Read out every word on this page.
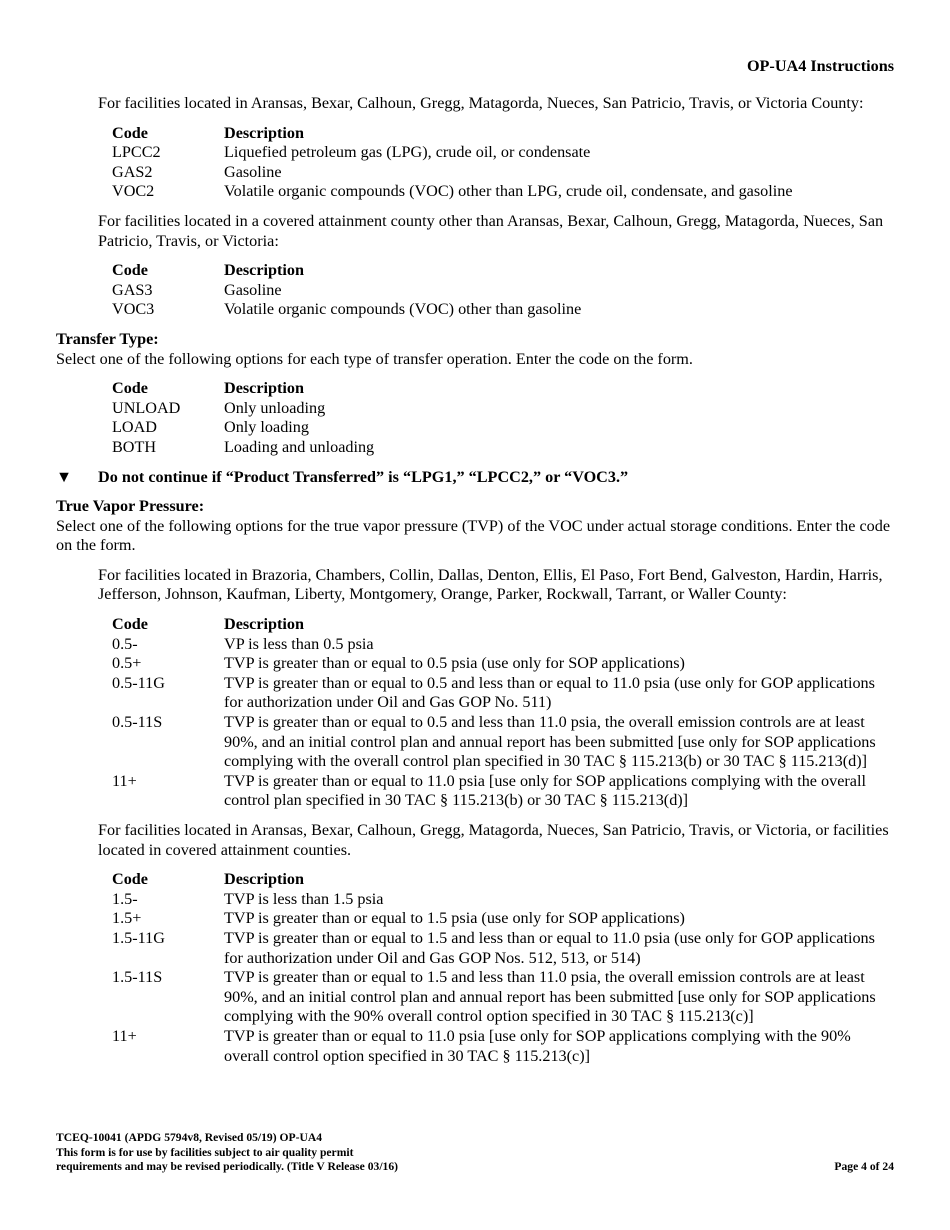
OP-UA4 Instructions
For facilities located in Aransas, Bexar, Calhoun, Gregg, Matagorda, Nueces, San Patricio, Travis, or Victoria County:
Code	Description
LPCC2	Liquefied petroleum gas (LPG), crude oil, or condensate
GAS2	Gasoline
VOC2	Volatile organic compounds (VOC) other than LPG, crude oil, condensate, and gasoline
For facilities located in a covered attainment county other than Aransas, Bexar, Calhoun, Gregg, Matagorda, Nueces, San Patricio, Travis, or Victoria:
Code	Description
GAS3	Gasoline
VOC3	Volatile organic compounds (VOC) other than gasoline
Transfer Type:
Select one of the following options for each type of transfer operation. Enter the code on the form.
Code	Description
UNLOAD	Only unloading
LOAD	Only loading
BOTH	Loading and unloading
▼	Do not continue if “Product Transferred” is “LPG1,” “LPCC2,” or “VOC3.”
True Vapor Pressure:
Select one of the following options for the true vapor pressure (TVP) of the VOC under actual storage conditions. Enter the code on the form.
For facilities located in Brazoria, Chambers, Collin, Dallas, Denton, Ellis, El Paso, Fort Bend, Galveston, Hardin, Harris, Jefferson, Johnson, Kaufman, Liberty, Montgomery, Orange, Parker, Rockwall, Tarrant, or Waller County:
Code	Description
0.5-	VP is less than 0.5 psia
0.5+	TVP is greater than or equal to 0.5 psia (use only for SOP applications)
0.5-11G	TVP is greater than or equal to 0.5 and less than or equal to 11.0 psia (use only for GOP applications for authorization under Oil and Gas GOP No. 511)
0.5-11S	TVP is greater than or equal to 0.5 and less than 11.0 psia, the overall emission controls are at least 90%, and an initial control plan and annual report has been submitted [use only for SOP applications complying with the overall control plan specified in 30 TAC § 115.213(b) or 30 TAC § 115.213(d)]
11+	TVP is greater than or equal to 11.0 psia [use only for SOP applications complying with the overall control plan specified in 30 TAC § 115.213(b) or 30 TAC § 115.213(d)]
For facilities located in Aransas, Bexar, Calhoun, Gregg, Matagorda, Nueces, San Patricio, Travis, or Victoria, or facilities located in covered attainment counties.
Code	Description
1.5-	TVP is less than 1.5 psia
1.5+	TVP is greater than or equal to 1.5 psia (use only for SOP applications)
1.5-11G	TVP is greater than or equal to 1.5 and less than or equal to 11.0 psia (use only for GOP applications for authorization under Oil and Gas GOP Nos. 512, 513, or 514)
1.5-11S	TVP is greater than or equal to 1.5 and less than 11.0 psia, the overall emission controls are at least 90%, and an initial control plan and annual report has been submitted [use only for SOP applications complying with the 90% overall control option specified in 30 TAC § 115.213(c)]
11+	TVP is greater than or equal to 11.0 psia [use only for SOP applications complying with the 90% overall control option specified in 30 TAC § 115.213(c)]
TCEQ-10041 (APDG 5794v8, Revised 05/19) OP-UA4
This form is for use by facilities subject to air quality permit
requirements and may be revised periodically. (Title V Release 03/16)	Page 4 of 24
